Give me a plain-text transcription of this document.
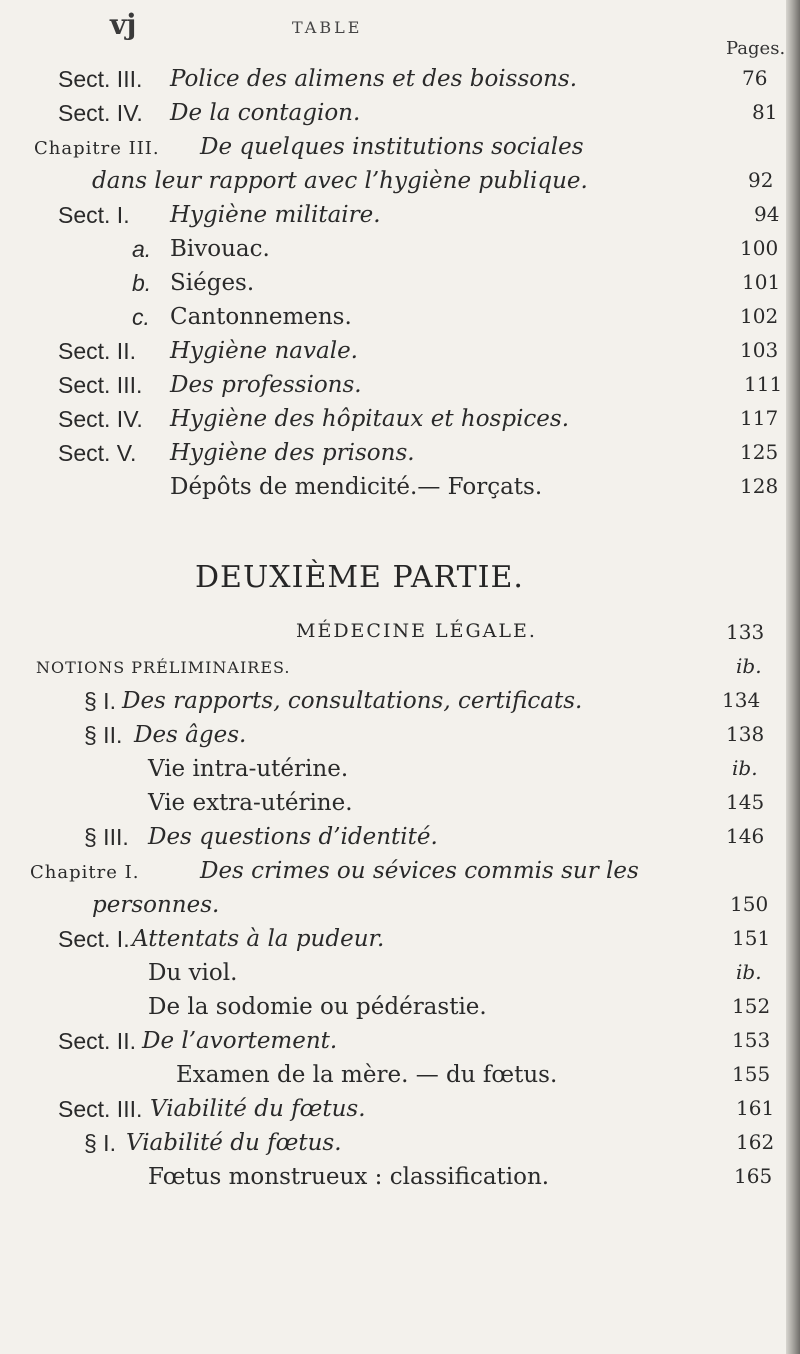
vj	TABLE
Pages.
Sect. III. Police des alimens et des boissons.	76
Sect. IV. De la contagion.	81
Chapitre III. De quelques institutions sociales
dans leur rapport avec l’hygiène publique.	92
Sect. I. Hygiène militaire.	94
a. Bivouac.	100
b. Siéges.	101
c. Cantonnemens.	102
Sect. II. Hygiène navale.	103
Sect. III. Des professions.	111
Sect. IV. Hygiène des hôpitaux et hospices.	117
Sect. V. Hygiène des prisons.	125
Dépôts de mendicité.— Forçats.	128
DEUXIÈME PARTIE.
MÉDECINE LÉGALE.	133
NOTIONS PRÉLIMINAIRES.	ib.
§ I. Des rapports, consultations, certificats.	134
§ II. Des âges.	138
Vie intra-utérine.	ib.
Vie extra-utérine.	145
§ III. Des questions d’identité.	146
Chapitre I.	Des crimes ou sévices commis sur les
personnes.	150
Sect. I. Attentats à la pudeur.	151
Du viol.	ib.
De la sodomie ou pédérastie.	152
Sect. II. De l’avortement.	153
Examen de la mère. — du fœtus.	155
Sect. III. Viabilité du fœtus.	161
§ I. Viabilité du fœtus.	162
Fœtus monstrueux : classification.	165
